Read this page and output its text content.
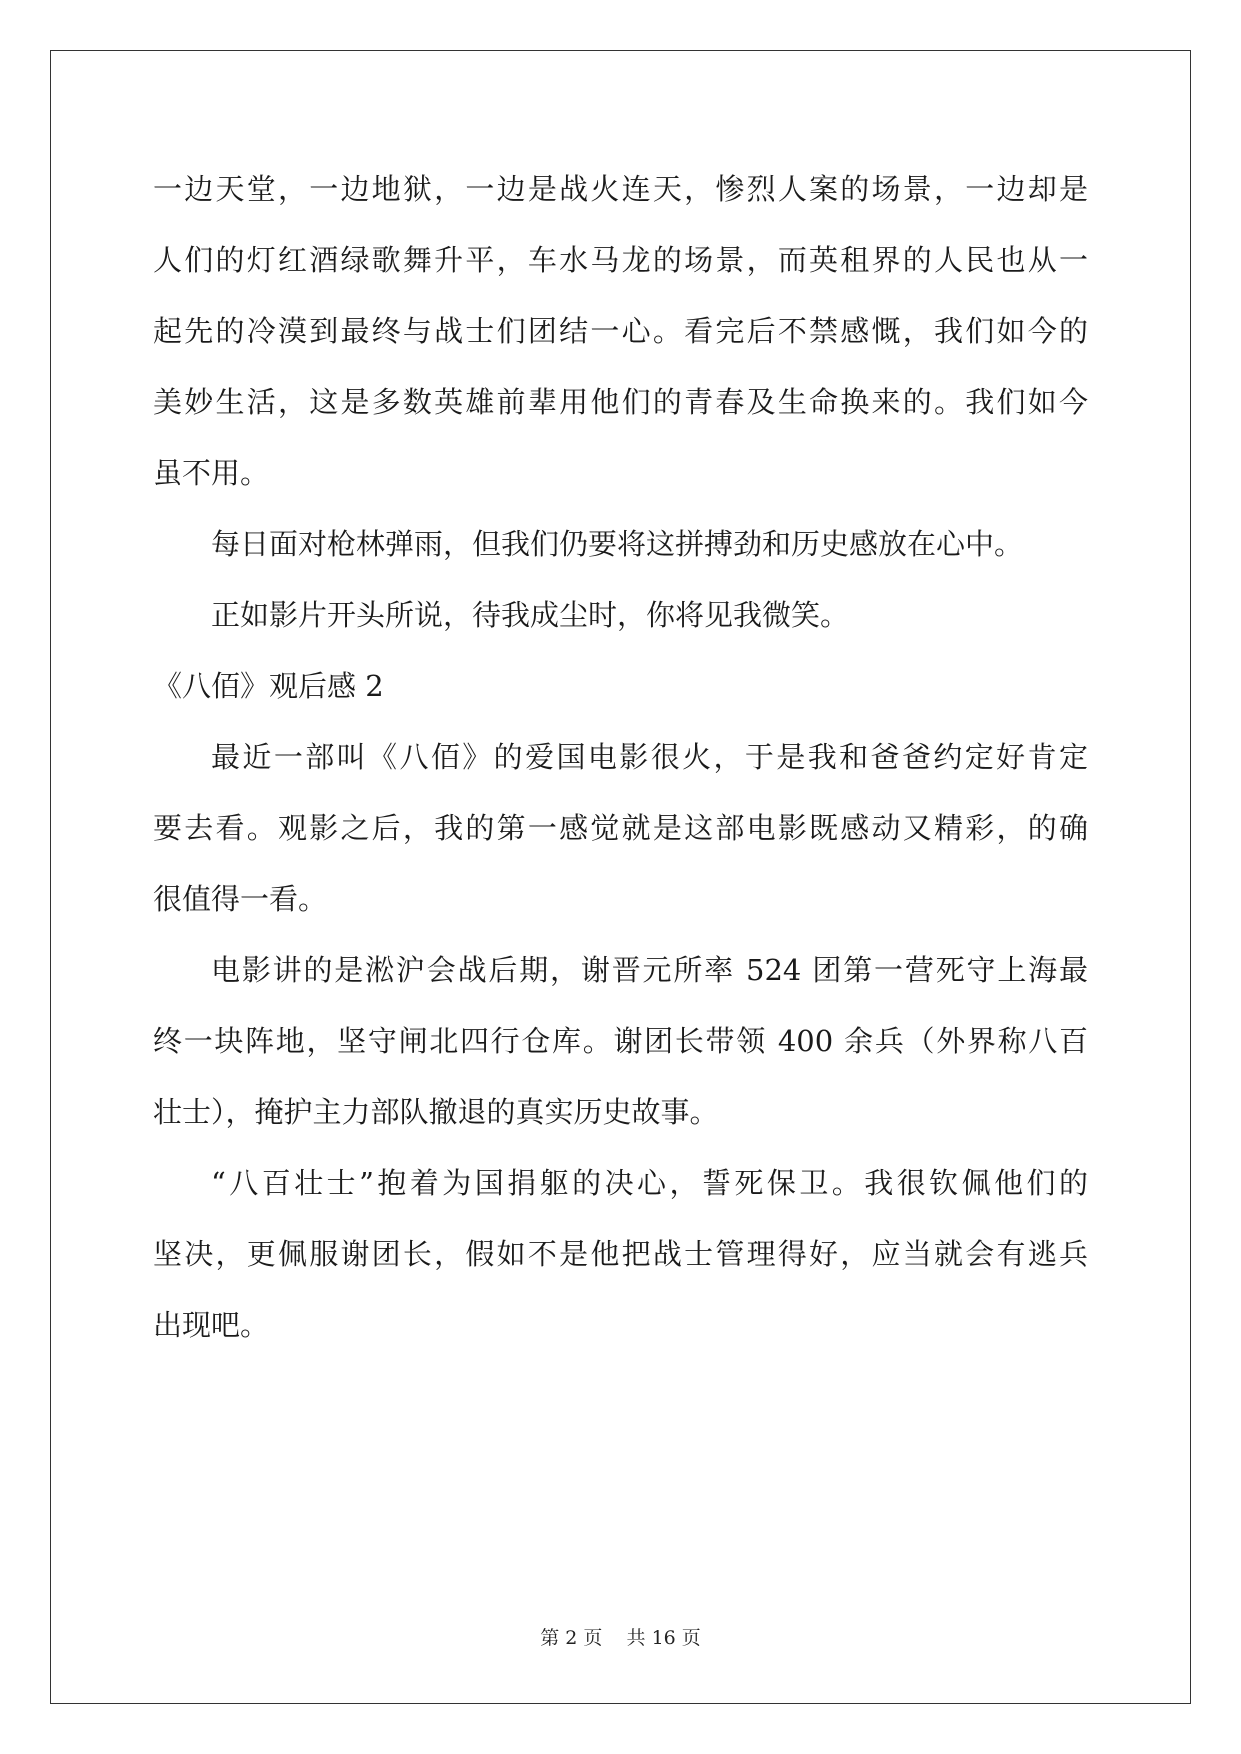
一边天堂，一边地狱，一边是战火连天，惨烈人案的场景，一边却是
人们的灯红酒绿歌舞升平，车水马龙的场景，而英租界的人民也从一
起先的冷漠到最终与战士们团结一心。看完后不禁感慨，我们如今的
美妙生活，这是多数英雄前辈用他们的青春及生命换来的。我们如今
虽不用。
每日面对枪林弹雨，但我们仍要将这拼搏劲和历史感放在心中。
正如影片开头所说，待我成尘时，你将见我微笑。
《八佰》观后感 2
最近一部叫《八佰》的爱国电影很火，于是我和爸爸约定好肯定
要去看。观影之后，我的第一感觉就是这部电影既感动又精彩，的确
很值得一看。
电影讲的是淞沪会战后期，谢晋元所率 524 团第一营死守上海最
终一块阵地，坚守闸北四行仓库。谢团长带领 400 余兵（外界称八百
壮士），掩护主力部队撤退的真实历史故事。
“八百壮士”抱着为国捐躯的决心，誓死保卫。我很钦佩他们的
坚决，更佩服谢团长，假如不是他把战士管理得好，应当就会有逃兵
出现吧。
第 2 页 共 16 页
